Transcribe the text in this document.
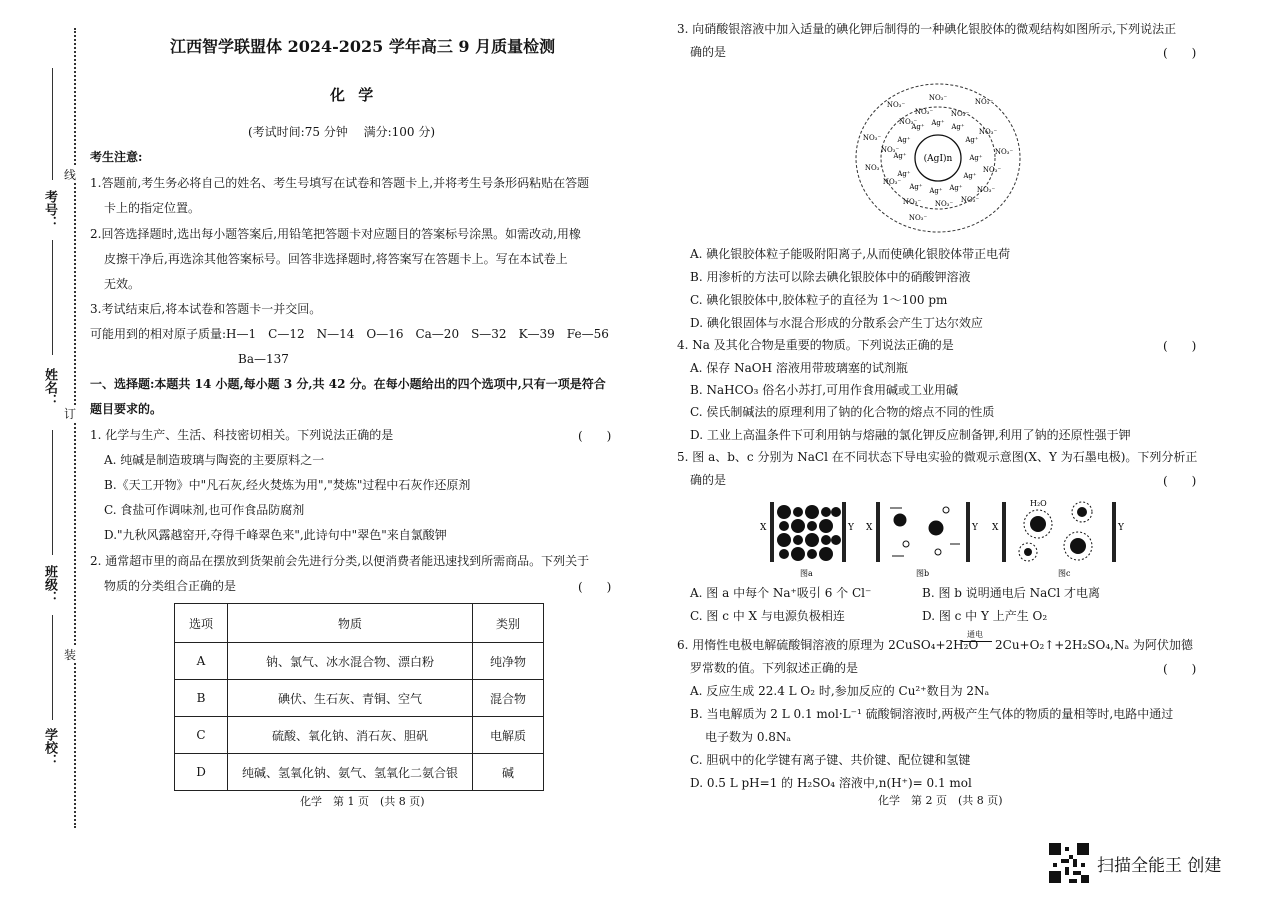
考号：
姓名：
班级：
学校：
线
订
装
江西智学联盟体 2024-2025 学年高三 9 月质量检测
化 学
(考试时间:75 分钟　 满分:100 分)
考生注意:
1.答题前,考生务必将自己的姓名、考生号填写在试卷和答题卡上,并将考生号条形码粘贴在答题
卡上的指定位置。
2.回答选择题时,选出每小题答案后,用铅笔把答题卡对应题目的答案标号涂黑。如需改动,用橡
皮擦干净后,再选涂其他答案标号。回答非选择题时,将答案写在答题卡上。写在本试卷上
无效。
3.考试结束后,将本试卷和答题卡一并交回。
可能用到的相对原子质量:H—1　C—12　N—14　O—16　Ca—20　S—32　K—39　Fe—56
Ba—137
一、选择题:本题共 14 小题,每小题 3 分,共 42 分。在每小题给出的四个选项中,只有一项是符合
题目要求的。
1. 化学与生产、生活、科技密切相关。下列说法正确的是	(　　)
A. 纯碱是制造玻璃与陶瓷的主要原料之一
B.《天工开物》中"凡石灰,经火焚炼为用","焚炼"过程中石灰作还原剂
C. 食盐可作调味剂,也可作食品防腐剂
D."九秋风露越窑开,夺得千峰翠色来",此诗句中"翠色"来自氯酸钾
2. 通常超市里的商品在摆放到货架前会先进行分类,以便消费者能迅速找到所需商品。下列关于
物质的分类组合正确的是	(　　)
选项	物质	类别
A	钠、氯气、冰水混合物、漂白粉	纯净物
B	碘伏、生石灰、青铜、空气	混合物
C	硫酸、氧化钠、消石灰、胆矾	电解质
D	纯碱、氢氧化钠、氨气、氢氧化二氨合银	碱
化学　第 1 页　(共 8 页)
3. 向硝酸银溶液中加入适量的碘化钾后制得的一种碘化银胶体的微观结构如图所示,下列说法正
确的是	(　　)
(AgI)n
Ag⁺ Ag⁺ Ag⁺
Ag⁺
Ag⁺
Ag⁺
Ag⁺
Ag⁺
Ag⁺
Ag⁺
Ag⁺
Ag⁺
NO₃⁻
NO₃⁻	NO₃⁻
NO₃⁻	NO₃⁻
NO₃⁻
NO₃⁻
NO₃⁻
NO₃⁻	NO₃⁻
NO₃⁻	NO₃⁻
NO₃⁻
NO₃⁻
NO₃⁻ NO₃⁻ NO₃⁻
NO₃⁻
A. 碘化银胶体粒子能吸附阳离子,从而使碘化银胶体带正电荷
B. 用渗析的方法可以除去碘化银胶体中的硝酸钾溶液
C. 碘化银胶体中,胶体粒子的直径为 1～100 pm
D. 碘化银固体与水混合形成的分散系会产生丁达尔效应
4. Na 及其化合物是重要的物质。下列说法正确的是	(　　)
A. 保存 NaOH 溶液用带玻璃塞的试剂瓶
B. NaHCO₃ 俗名小苏打,可用作食用碱或工业用碱
C. 侯氏制碱法的原理利用了钠的化合物的熔点不同的性质
D. 工业上高温条件下可利用钠与熔融的氯化钾反应制备钾,利用了钠的还原性强于钾
5. 图 a、b、c 分别为 NaCl 在不同状态下导电实验的微观示意图(X、Y 为石墨电极)。下列分析正
确的是	(　　)
X	Y
图a
X	Y
图b
X	Y
H₂O
图c
A. 图 a 中每个 Na⁺吸引 6 个 Cl⁻	B. 图 b 说明通电后 NaCl 才电离
C. 图 c 中 X 与电源负极相连	D. 图 c 中 Y 上产生 O₂
6. 用惰性电极电解硫酸铜溶液的原理为 2CuSO₄+2H₂O
通电
2Cu+O₂↑+2H₂SO₄,Nₐ 为阿伏加德
罗常数的值。下列叙述正确的是	(　　)
A. 反应生成 22.4 L O₂ 时,参加反应的 Cu²⁺数目为 2Nₐ
B. 当电解质为 2 L 0.1 mol·L⁻¹ 硫酸铜溶液时,两极产生气体的物质的量相等时,电路中通过
电子数为 0.8Nₐ
C. 胆矾中的化学键有离子键、共价键、配位键和氢键
D. 0.5 L pH=1 的 H₂SO₄ 溶液中,n(H⁺)= 0.1 mol
化学　第 2 页　(共 8 页)
扫描全能王 创建
